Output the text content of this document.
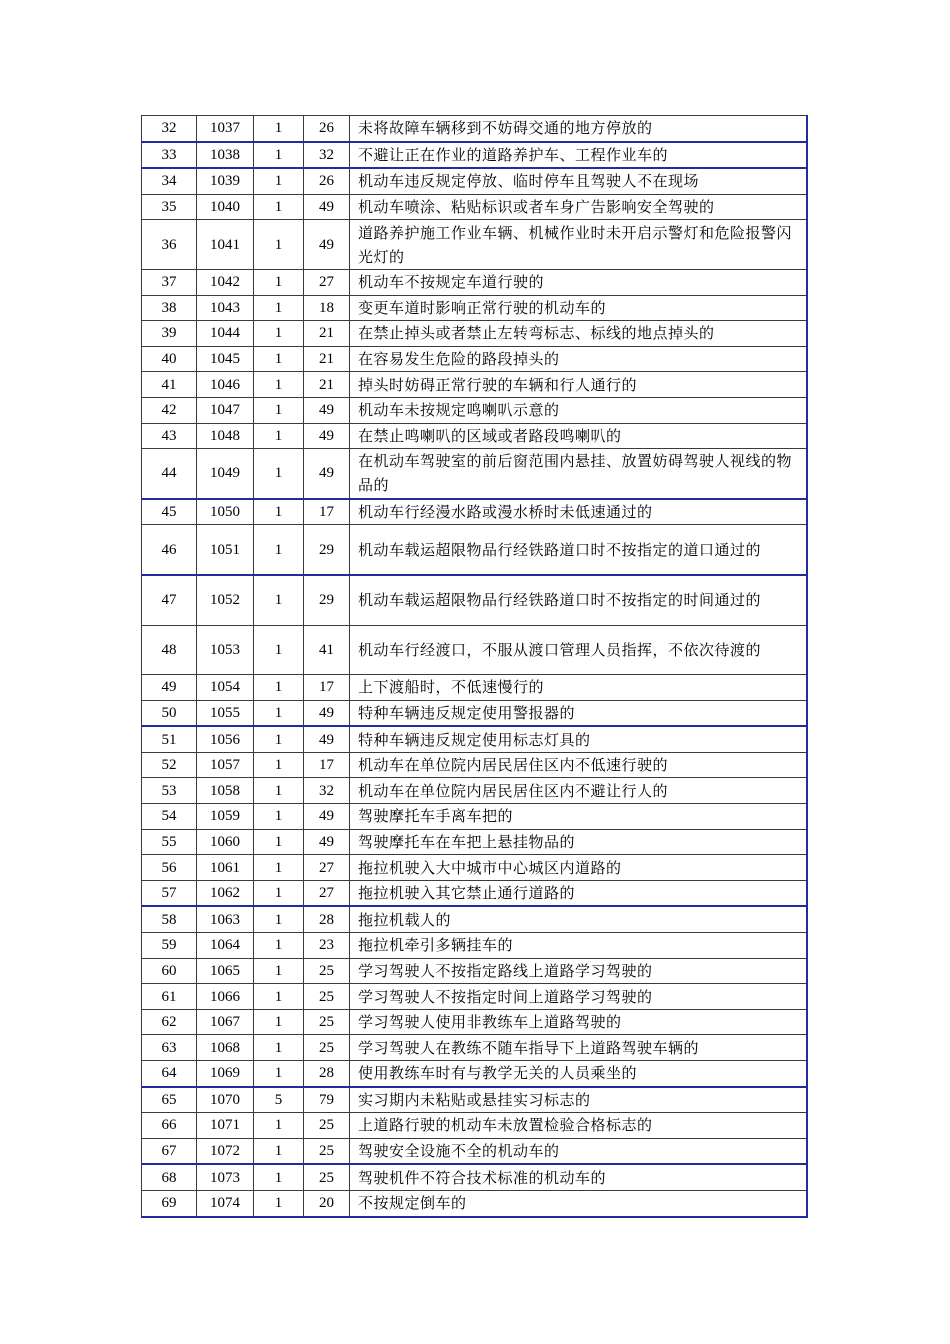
32	1037	1	26	未将故障车辆移到不妨碍交通的地方停放的
33	1038	1	32	不避让正在作业的道路养护车、工程作业车的
34	1039	1	26	机动车违反规定停放、临时停车且驾驶人不在现场
35	1040	1	49	机动车喷涂、粘贴标识或者车身广告影响安全驾驶的
36	1041	1	49	道路养护施工作业车辆、机械作业时未开启示警灯和危险报警闪光灯的
37	1042	1	27	机动车不按规定车道行驶的
38	1043	1	18	变更车道时影响正常行驶的机动车的
39	1044	1	21	在禁止掉头或者禁止左转弯标志、标线的地点掉头的
40	1045	1	21	在容易发生危险的路段掉头的
41	1046	1	21	掉头时妨碍正常行驶的车辆和行人通行的
42	1047	1	49	机动车未按规定鸣喇叭示意的
43	1048	1	49	在禁止鸣喇叭的区域或者路段鸣喇叭的
44	1049	1	49	在机动车驾驶室的前后窗范围内悬挂、放置妨碍驾驶人视线的物品的
45	1050	1	17	机动车行经漫水路或漫水桥时未低速通过的
46	1051	1	29	机动车载运超限物品行经铁路道口时不按指定的道口通过的
47	1052	1	29	机动车载运超限物品行经铁路道口时不按指定的时间通过的
48	1053	1	41	机动车行经渡口，不服从渡口管理人员指挥，不依次待渡的
49	1054	1	17	上下渡船时，不低速慢行的
50	1055	1	49	特种车辆违反规定使用警报器的
51	1056	1	49	特种车辆违反规定使用标志灯具的
52	1057	1	17	机动车在单位院内居民居住区内不低速行驶的
53	1058	1	32	机动车在单位院内居民居住区内不避让行人的
54	1059	1	49	驾驶摩托车手离车把的
55	1060	1	49	驾驶摩托车在车把上悬挂物品的
56	1061	1	27	拖拉机驶入大中城市中心城区内道路的
57	1062	1	27	拖拉机驶入其它禁止通行道路的
58	1063	1	28	拖拉机载人的
59	1064	1	23	拖拉机牵引多辆挂车的
60	1065	1	25	学习驾驶人不按指定路线上道路学习驾驶的
61	1066	1	25	学习驾驶人不按指定时间上道路学习驾驶的
62	1067	1	25	学习驾驶人使用非教练车上道路驾驶的
63	1068	1	25	学习驾驶人在教练不随车指导下上道路驾驶车辆的
64	1069	1	28	使用教练车时有与教学无关的人员乘坐的
65	1070	5	79	实习期内未粘贴或悬挂实习标志的
66	1071	1	25	上道路行驶的机动车未放置检验合格标志的
67	1072	1	25	驾驶安全设施不全的机动车的
68	1073	1	25	驾驶机件不符合技术标准的机动车的
69	1074	1	20	不按规定倒车的
